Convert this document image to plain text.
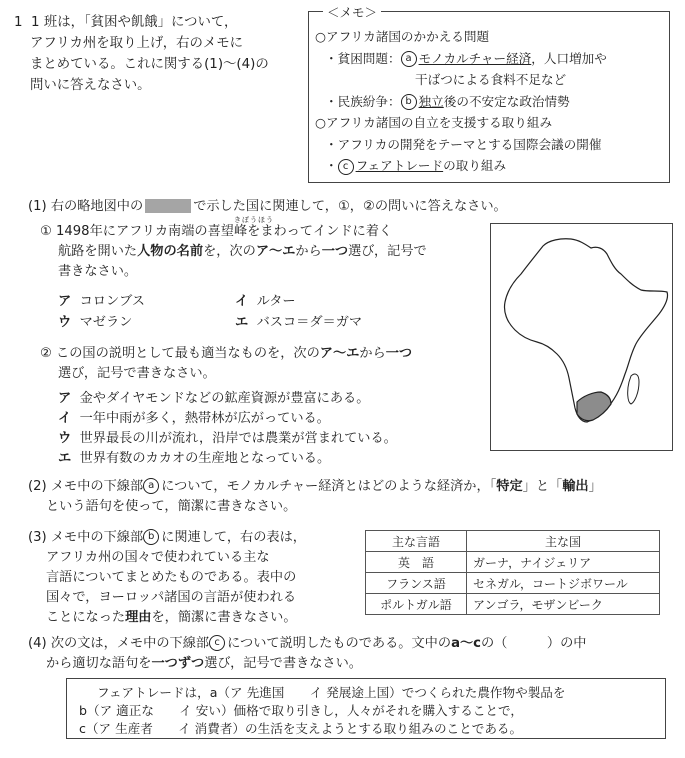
1 1 班は，「貧困や飢餓」について，
アフリカ州を取り上げ，右のメモに
まとめている。これに関する(1)～(4)の
問いに答えなさい。
＜メモ＞
○アフリカ諸国のかかえる問題
・貧困問題： a モノカルチャー経済，人口増加や
干ばつによる食料不足など
・民族紛争： b 独立後の不安定な政治情勢
○アフリカ諸国の自立を支援する取り組み
・アフリカの開発をテーマとする国際会議の開催
・ c フェアトレードの取り組み
(1) 右の略地図中の	で示した国に関連して，①，②の問いに答えなさい。
きぼうほう
① 1498年にアフリカ南端の喜望峰をまわってインドに着く
航路を開いた人物の名前を，次のア～エから一つ選び，記号で
書きなさい。
ア コロンブス	イ ルター
ウ マゼラン	エ バスコ＝ダ＝ガマ
② この国の説明として最も適当なものを，次のア～エから一つ
選び，記号で書きなさい。
ア 金やダイヤモンドなどの鉱産資源が豊富にある。
イ 一年中雨が多く，熱帯林が広がっている。
ウ 世界最長の川が流れ，沿岸では農業が営まれている。
エ 世界有数のカカオの生産地となっている。
(2) メモ中の下線部 a について，モノカルチャー経済とはどのような経済か，「特定」と「輸出」
という語句を使って，簡潔に書きなさい。
(3) メモ中の下線部 b に関連して，右の表は，
アフリカ州の国々で使われている主な
言語についてまとめたものである。表中の
国々で，ヨーロッパ諸国の言語が使われる
ことになった理由を，簡潔に書きなさい。
主な言語	主な国
英　語	ガーナ，ナイジェリア
フランス語	セネガル，コートジボワール
ポルトガル語	アンゴラ，モザンビーク
(4) 次の文は，メモ中の下線部 c について説明したものである。文中のa～cの（　　　）の中
から適切な語句を一つずつ選び，記号で書きなさい。
フェアトレードは，a（ア 先進国　　イ 発展途上国）でつくられた農作物や製品を
b（ア 適正な　　イ 安い）価格で取り引きし，人々がそれを購入することで，
c（ア 生産者　　イ 消費者）の生活を支えようとする取り組みのことである。
